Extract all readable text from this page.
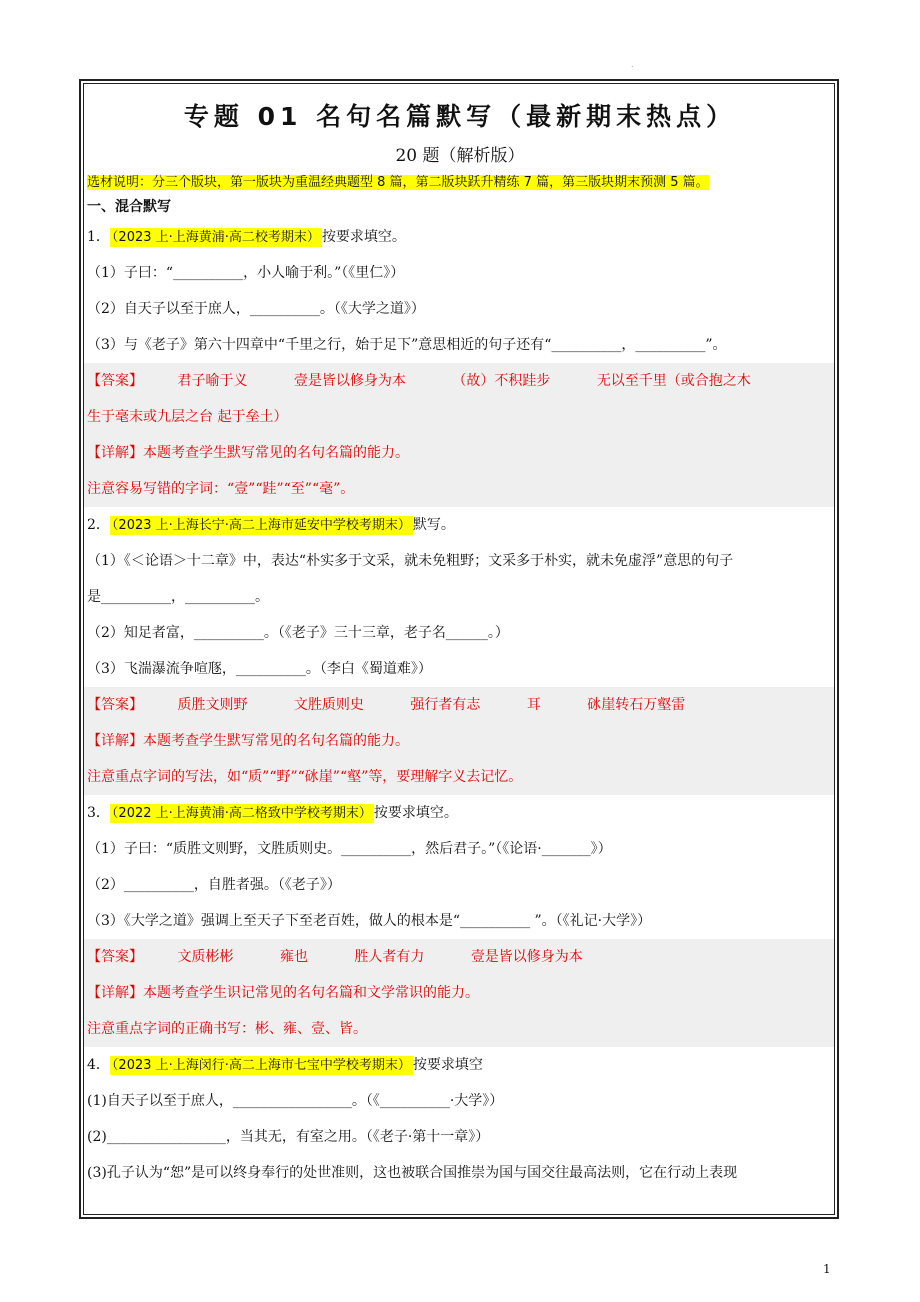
.
专题 01 名句名篇默写（最新期末热点）
20 题（解析版）
选材说明：分三个版块，第一版块为重温经典题型 8 篇，第二版块跃升精练 7 篇，第三版块期末预测 5 篇。
一、混合默写
1． （2023 上·上海黄浦·高二校考期末） 按要求填空。
（1）子曰：“__________，小人喻于利。”（《里仁》）
（2）自天子以至于庶人，__________。（《大学之道》）
（3）与《老子》第六十四章中“千里之行，始于足下”意思相近的句子还有“__________，__________”。
【答案】 君子喻于义	壹是皆以修身为本	（故）不积跬步	无以至千里（或合抱之木
生于毫末或九层之台 起于垒土）
【详解】本题考查学生默写常见的名句名篇的能力。
注意容易写错的字词：“壹”“跬”“至”“毫”。
2． （2023 上·上海长宁·高二上海市延安中学校考期末） 默写。
（1）《＜论语＞十二章》中，表达“朴实多于文采，就未免粗野；文采多于朴实，就未免虚浮”意思的句子
是__________，__________。
（2）知足者富，__________。（《老子》三十三章，老子名______。）
（3）飞湍瀑流争喧豗，__________。（李白《蜀道难》）
【答案】 质胜文则野	文胜质则史	强行者有志	耳	砯崖转石万壑雷
【详解】本题考查学生默写常见的名句名篇的能力。
注意重点字词的写法，如“质”“野”“砯崖”“壑”等，要理解字义去记忆。
3． （2022 上·上海黄浦·高二格致中学校考期末） 按要求填空。
（1）子曰：“质胜文则野，文胜质则史。__________，然后君子。”（《论语·_______》）
（2）__________，自胜者强。（《老子》）
（3）《大学之道》强调上至天子下至老百姓，做人的根本是“__________ ”。（《礼记·大学》）
【答案】 文质彬彬	雍也	胜人者有力	壹是皆以修身为本
【详解】本题考查学生识记常见的名句名篇和文学常识的能力。
注意重点字词的正确书写：彬、雍、壹、皆。
4． （2023 上·上海闵行·高二上海市七宝中学校考期末） 按要求填空
(1)自天子以至于庶人，_________________。（《__________·大学》）
(2)_________________，当其无，有室之用。（《老子·第十一章》）
(3)孔子认为“恕”是可以终身奉行的处世准则，这也被联合国推崇为国与国交往最高法则，它在行动上表现
1
